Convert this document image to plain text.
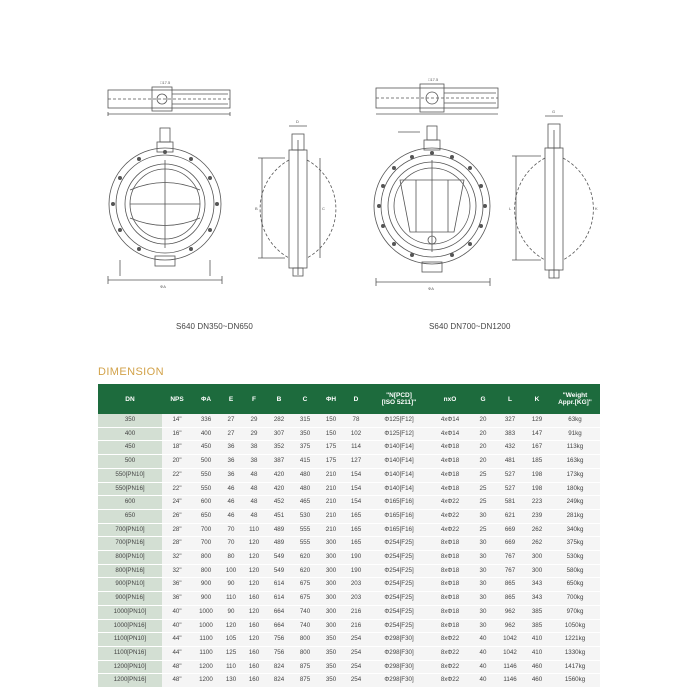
□17.5
□17.5
ΦA	ΦA
B	C	L	K
D
G
S640 DN350~DN650	S640 DN700~DN1200
DIMENSION
DN	NPS	ΦA	E	F	B	C	ΦH	D	"N[PCD]
[ISO 5211]"	nxO	G	L	K	"Weight
Appr.[KG]"
350	14"	336	27	29	282	315	150	78	Φ125[F12]	4xΦ14	20	327	129	63kg
400	16"	400	27	29	307	350	150	102	Φ125[F12]	4xΦ14	20	383	147	91kg
450	18"	450	36	38	352	375	175	114	Φ140[F14]	4xΦ18	20	432	167	113kg
500	20"	500	36	38	387	415	175	127	Φ140[F14]	4xΦ18	20	481	185	163kg
550[PN10]	22"	550	36	48	420	480	210	154	Φ140[F14]	4xΦ18	25	527	198	173kg
550[PN16]	22"	550	46	48	420	480	210	154	Φ140[F14]	4xΦ18	25	527	198	180kg
600	24"	600	46	48	452	465	210	154	Φ165[F16]	4xΦ22	25	581	223	249kg
650	26"	650	46	48	451	530	210	165	Φ165[F16]	4xΦ22	30	621	239	281kg
700[PN10]	28"	700	70	110	489	555	210	165	Φ165[F16]	4xΦ22	25	669	262	340kg
700[PN16]	28"	700	70	120	489	555	300	165	Φ254[F25]	8xΦ18	30	669	262	375kg
800[PN10]	32"	800	80	120	549	620	300	190	Φ254[F25]	8xΦ18	30	767	300	530kg
800[PN16]	32"	800	100	120	549	620	300	190	Φ254[F25]	8xΦ18	30	767	300	580kg
900[PN10]	36"	900	90	120	614	675	300	203	Φ254[F25]	8xΦ18	30	865	343	650kg
900[PN16]	36"	900	110	160	614	675	300	203	Φ254[F25]	8xΦ18	30	865	343	700kg
1000[PN10]	40"	1000	90	120	664	740	300	216	Φ254[F25]	8xΦ18	30	962	385	970kg
1000[PN16]	40"	1000	120	160	664	740	300	216	Φ254[F25]	8xΦ18	30	962	385	1050kg
1100[PN10]	44"	1100	105	120	756	800	350	254	Φ298[F30]	8xΦ22	40	1042	410	1221kg
1100[PN16]	44"	1100	125	160	756	800	350	254	Φ298[F30]	8xΦ22	40	1042	410	1330kg
1200[PN10]	48"	1200	110	160	824	875	350	254	Φ298[F30]	8xΦ22	40	1146	460	1417kg
1200[PN16]	48"	1200	130	160	824	875	350	254	Φ298[F30]	8xΦ22	40	1146	460	1560kg
